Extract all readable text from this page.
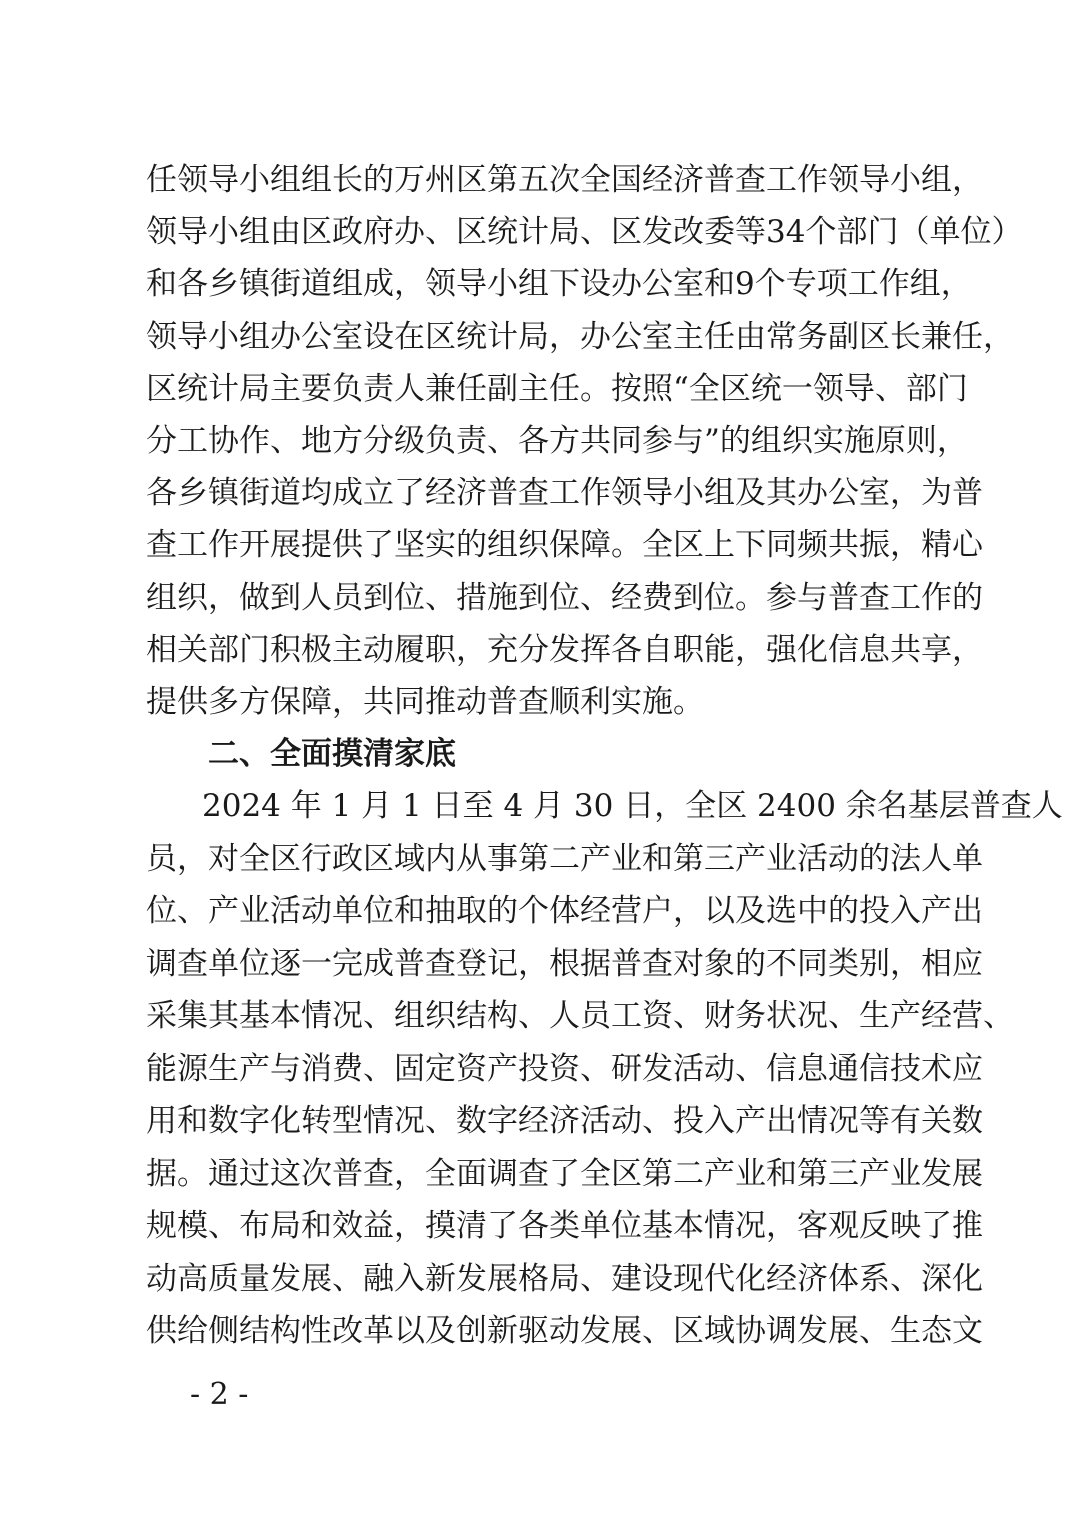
任领导小组组长的万州区第五次全国经济普查工作领导小组，
领导小组由区政府办、区统计局、区发改委等34个部门（单位）
和各乡镇街道组成，领导小组下设办公室和9个专项工作组，
领导小组办公室设在区统计局，办公室主任由常务副区长兼任，
区统计局主要负责人兼任副主任。按照“全区统一领导、部门
分工协作、地方分级负责、各方共同参与”的组织实施原则，
各乡镇街道均成立了经济普查工作领导小组及其办公室，为普
查工作开展提供了坚实的组织保障。全区上下同频共振，精心
组织，做到人员到位、措施到位、经费到位。参与普查工作的
相关部门积极主动履职，充分发挥各自职能，强化信息共享，
提供多方保障，共同推动普查顺利实施。
二、全面摸清家底
2024 年 1 月 1 日至 4 月 30 日，全区 2400 余名基层普查人
员，对全区行政区域内从事第二产业和第三产业活动的法人单
位、产业活动单位和抽取的个体经营户，以及选中的投入产出
调查单位逐一完成普查登记，根据普查对象的不同类别，相应
采集其基本情况、组织结构、人员工资、财务状况、生产经营、
能源生产与消费、固定资产投资、研发活动、信息通信技术应
用和数字化转型情况、数字经济活动、投入产出情况等有关数
据。通过这次普查，全面调查了全区第二产业和第三产业发展
规模、布局和效益，摸清了各类单位基本情况，客观反映了推
动高质量发展、融入新发展格局、建设现代化经济体系、深化
供给侧结构性改革以及创新驱动发展、区域协调发展、生态文
- 2 -
